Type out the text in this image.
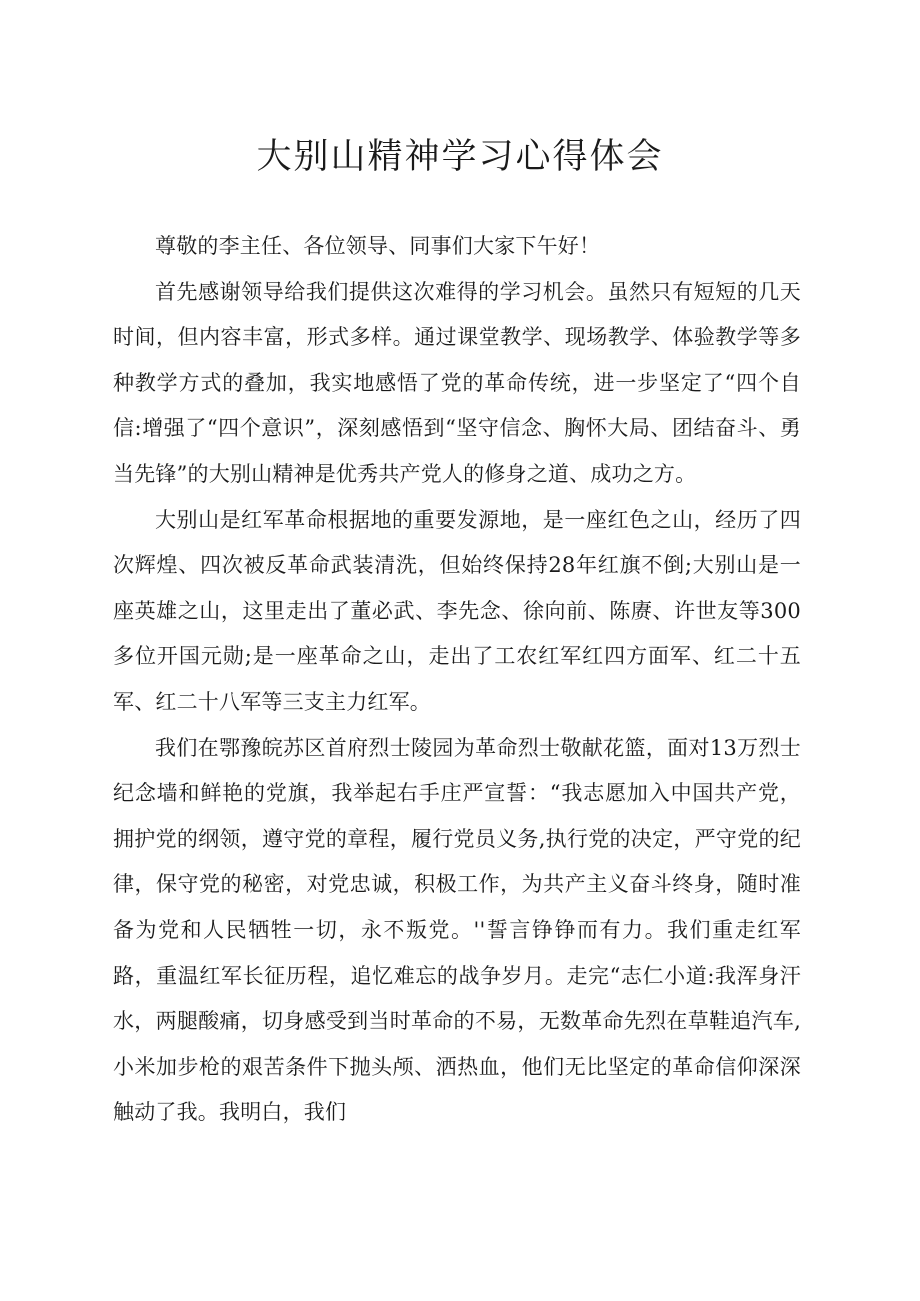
大别山精神学习心得体会

尊敬的李主任、各位领导、同事们大家下午好！

首先感谢领导给我们提供这次难得的学习机会。虽然只有短短的几天时间，但内容丰富，形式多样。通过课堂教学、现场教学、体验教学等多种教学方式的叠加，我实地感悟了党的革命传统，进一步坚定了“四个自信:增强了“四个意识”，深刻感悟到“坚守信念、胸怀大局、团结奋斗、勇当先锋”的大别山精神是优秀共产党人的修身之道、成功之方。

大别山是红军革命根据地的重要发源地，是一座红色之山，经历了四次辉煌、四次被反革命武装清洗，但始终保持28年红旗不倒;大别山是一座英雄之山，这里走出了董必武、李先念、徐向前、陈赓、许世友等300多位开国元勋;是一座革命之山，走出了工农红军红四方面军、红二十五军、红二十八军等三支主力红军。

我们在鄂豫皖苏区首府烈士陵园为革命烈士敬献花篮，面对13万烈士纪念墙和鲜艳的党旗，我举起右手庄严宣誓：“我志愿加入中国共产党，拥护党的纲领，遵守党的章程，履行党员义务,执行党的决定，严守党的纪律，保守党的秘密，对党忠诚，积极工作，为共产主义奋斗终身，随时准备为党和人民牺牲一切，永不叛党。''誓言铮铮而有力。我们重走红军路，重温红军长征历程，追忆难忘的战争岁月。走完“志仁小道:我浑身汗水，两腿酸痛，切身感受到当时革命的不易，无数革命先烈在草鞋追汽车,小米加步枪的艰苦条件下抛头颅、洒热血，他们无比坚定的革命信仰深深触动了我。我明白，我们
